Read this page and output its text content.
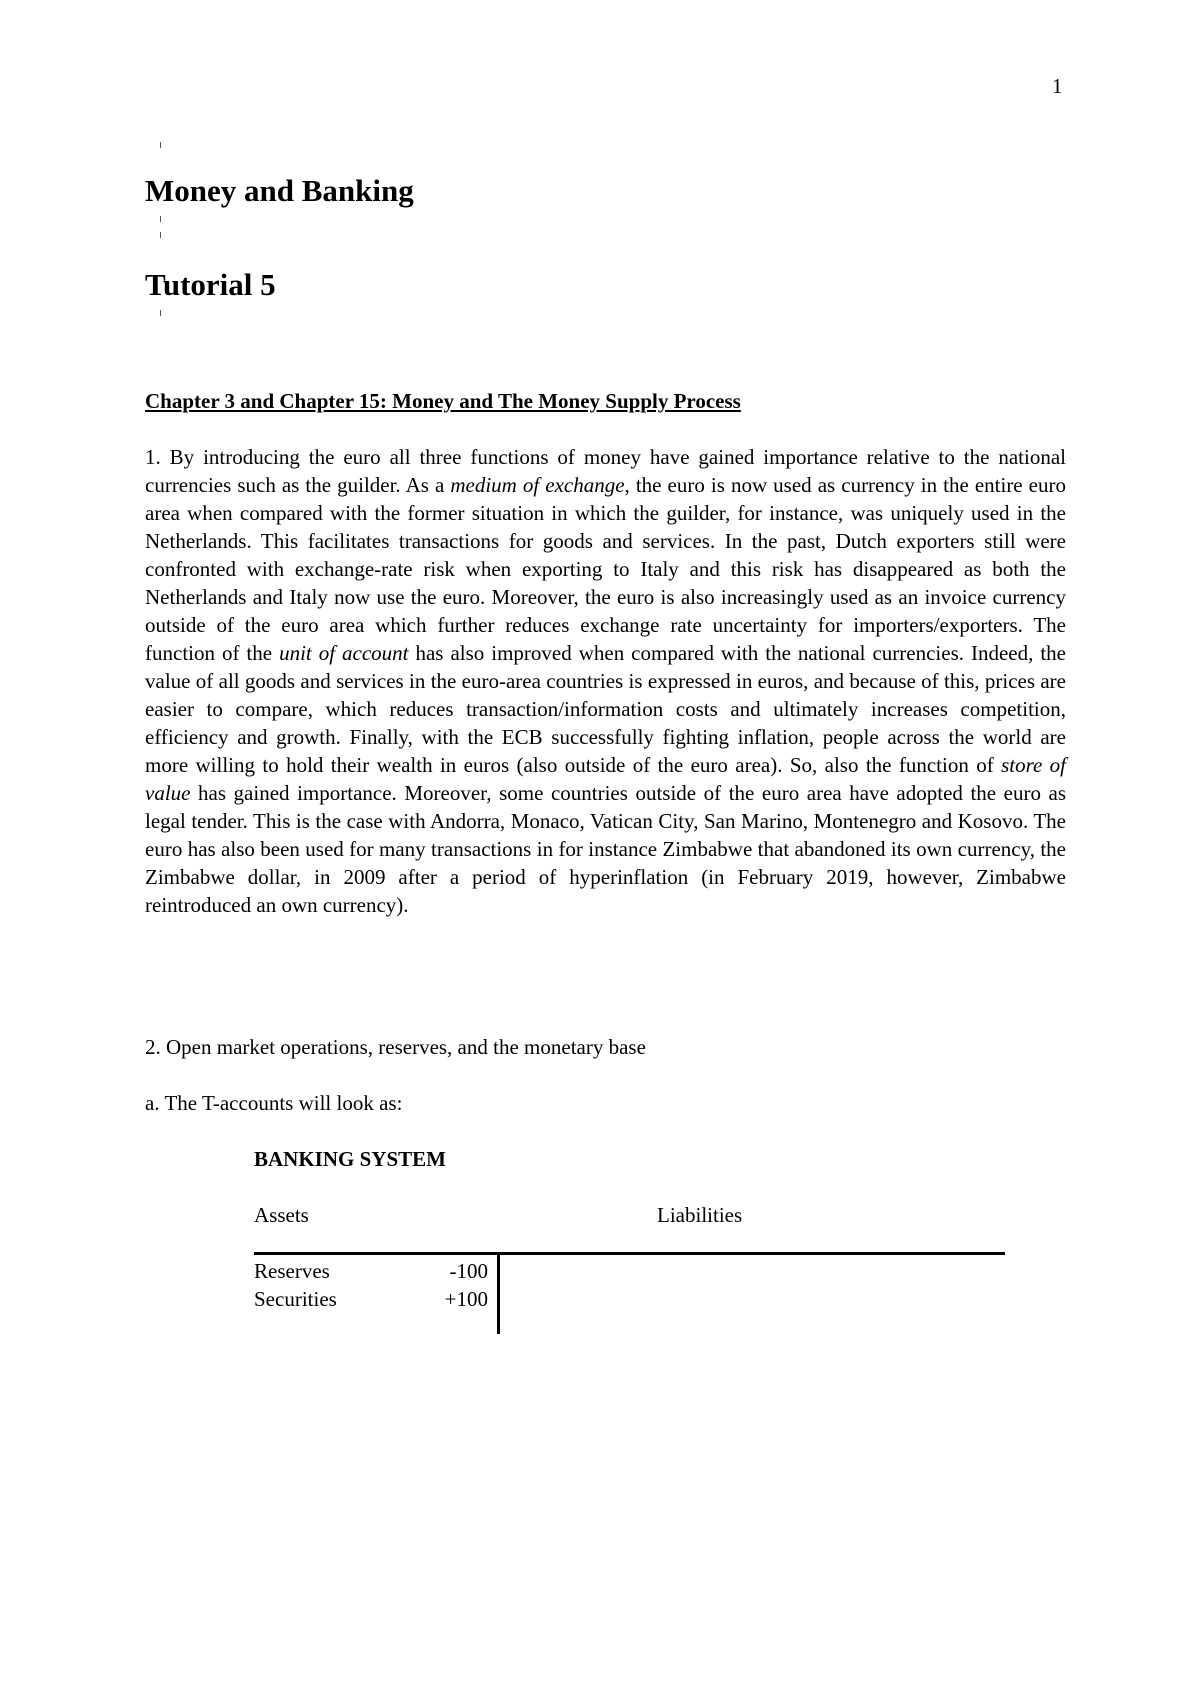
1
Money and Banking
Tutorial 5
Chapter 3 and Chapter 15: Money and The Money Supply Process
1. By introducing the euro all three functions of money have gained importance relative to the national currencies such as the guilder. As a medium of exchange, the euro is now used as currency in the entire euro area when compared with the former situation in which the guilder, for instance, was uniquely used in the Netherlands. This facilitates transactions for goods and services. In the past, Dutch exporters still were confronted with exchange-rate risk when exporting to Italy and this risk has disappeared as both the Netherlands and Italy now use the euro. Moreover, the euro is also increasingly used as an invoice currency outside of the euro area which further reduces exchange rate uncertainty for importers/exporters. The function of the unit of account has also improved when compared with the national currencies. Indeed, the value of all goods and services in the euro-area countries is expressed in euros, and because of this, prices are easier to compare, which reduces transaction/information costs and ultimately increases competition, efficiency and growth. Finally, with the ECB successfully fighting inflation, people across the world are more willing to hold their wealth in euros (also outside of the euro area). So, also the function of store of value has gained importance. Moreover, some countries outside of the euro area have adopted the euro as legal tender. This is the case with Andorra, Monaco, Vatican City, San Marino, Montenegro and Kosovo. The euro has also been used for many transactions in for instance Zimbabwe that abandoned its own currency, the Zimbabwe dollar, in 2009 after a period of hyperinflation (in February 2019, however, Zimbabwe reintroduced an own currency).
2. Open market operations, reserves, and the monetary base
a. The T-accounts will look as:
BANKING SYSTEM
Assets	Liabilities
Reserves	-100
Securities	+100
